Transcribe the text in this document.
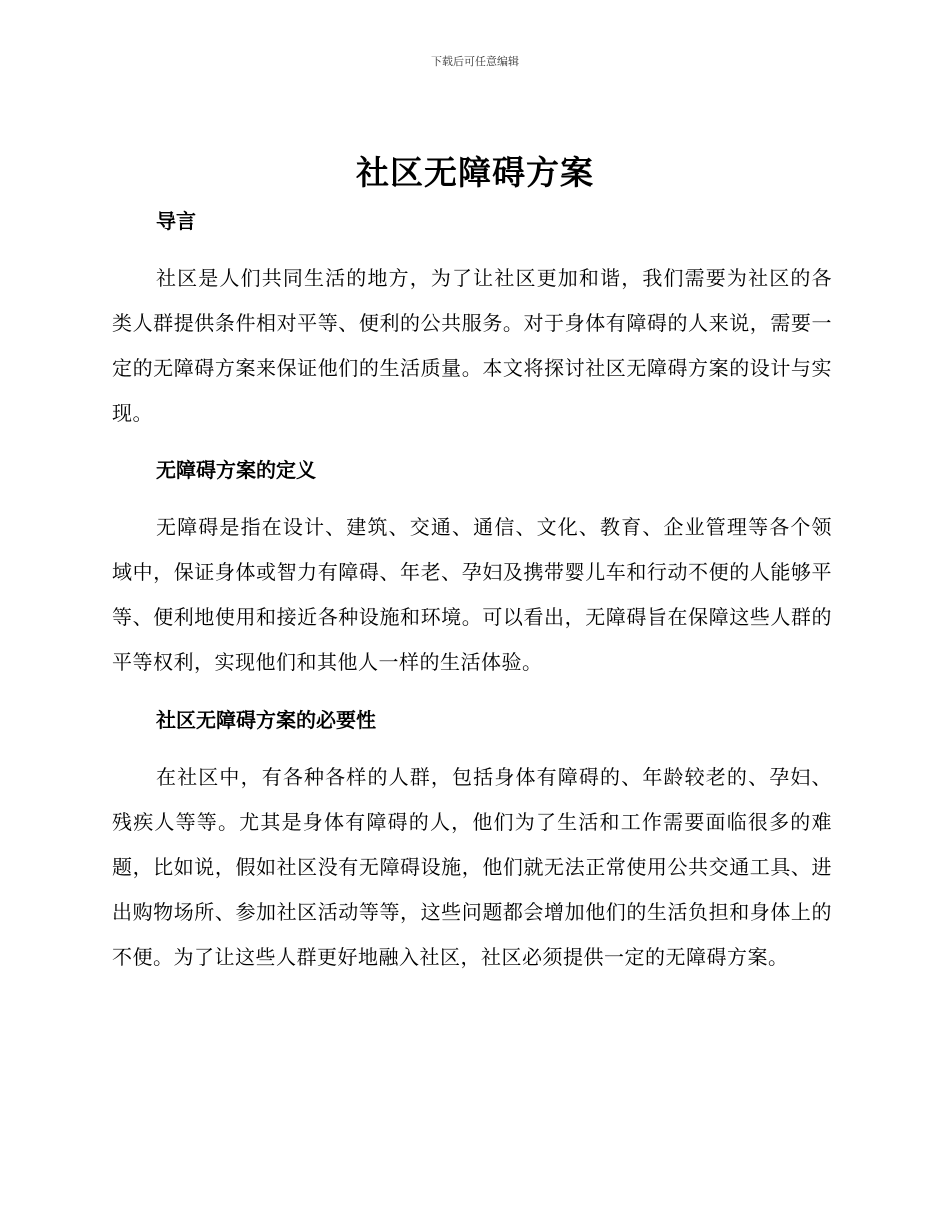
下载后可任意编辑
社区无障碍方案
导言

社区是人们共同生活的地方，为了让社区更加和谐，我们需要为社区的各类人群提供条件相对平等、便利的公共服务。对于身体有障碍的人来说，需要一定的无障碍方案来保证他们的生活质量。本文将探讨社区无障碍方案的设计与实现。

无障碍方案的定义

无障碍是指在设计、建筑、交通、通信、文化、教育、企业管理等各个领域中，保证身体或智力有障碍、年老、孕妇及携带婴儿车和行动不便的人能够平等、便利地使用和接近各种设施和环境。可以看出，无障碍旨在保障这些人群的平等权利，实现他们和其他人一样的生活体验。

社区无障碍方案的必要性

在社区中，有各种各样的人群，包括身体有障碍的、年龄较老的、孕妇、残疾人等等。尤其是身体有障碍的人，他们为了生活和工作需要面临很多的难题，比如说，假如社区没有无障碍设施，他们就无法正常使用公共交通工具、进出购物场所、参加社区活动等等，这些问题都会增加他们的生活负担和身体上的不便。为了让这些人群更好地融入社区，社区必须提供一定的无障碍方案。
